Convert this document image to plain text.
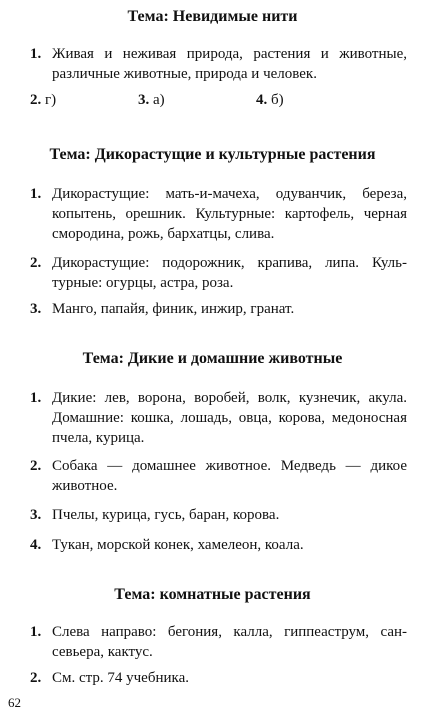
Тема: Невидимые нити
1. Живая и неживая природа, растения и животные,
различные животные, природа и человек.
2. г)	3. а)	4. б)
Тема: Дикорастущие и культурные растения
1. Дикорастущие: мать-и-мачеха, одуванчик, береза,
копытень, орешник. Культурные: картофель, черная
смородина, рожь, бархатцы, слива.
2. Дикорастущие: подорожник, крапива, липа. Куль-
турные: огурцы, астра, роза.
3. Манго, папайя, финик, инжир, гранат.
Тема: Дикие и домашние животные
1. Дикие: лев, ворона, воробей, волк, кузнечик, акула.
Домашние: кошка, лошадь, овца, корова, медоносная
пчела, курица.
2. Собака — домашнее животное. Медведь — дикое
животное.
3. Пчелы, курица, гусь, баран, корова.
4. Тукан, морской конек, хамелеон, коала.
Тема: комнатные растения
1. Слева направо: бегония, калла, гиппеаструм, сан-
севьера, кактус.
2. См. стр. 74 учебника.
62
